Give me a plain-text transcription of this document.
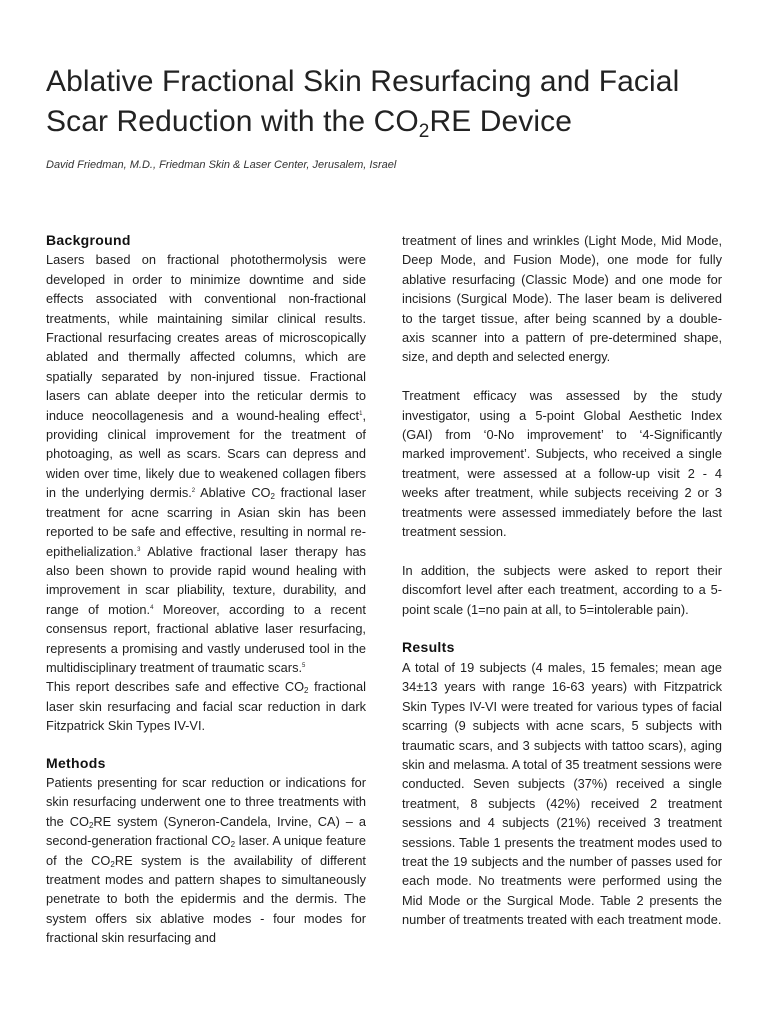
Ablative Fractional Skin Resurfacing and Facial Scar Reduction with the $CO_2RE$ Device

David Friedman, M.D., Friedman Skin & Laser Center, Jerusalem, Israel

Background

Lasers based on fractional photothermolysis were developed in order to minimize downtime and side effects associated with conventional non-fractional treatments, while maintaining similar clinical results. Fractional resurfacing creates areas of microscopically ablated and thermally affected columns, which are spatially separated by non-injured tissue. Fractional lasers can ablate deeper into the reticular dermis to induce neocollagenesis and a wound-healing effect$^1$, providing clinical improvement for the treatment of photoaging, as well as scars. Scars can depress and widen over time, likely due to weakened collagen fibers in the underlying dermis.$^2$ Ablative $CO_2$ fractional laser treatment for acne scarring in Asian skin has been reported to be safe and effective, resulting in normal re-epithelialization.$^3$ Ablative fractional laser therapy has also been shown to provide rapid wound healing with improvement in scar pliability, texture, durability, and range of motion.$^4$ Moreover, according to a recent consensus report, fractional ablative laser resurfacing, represents a promising and vastly underused tool in the multidisciplinary treatment of traumatic scars.$^5$

This report describes safe and effective $CO_2$ fractional laser skin resurfacing and facial scar reduction in dark Fitzpatrick Skin Types IV-VI.

Methods

Patients presenting for scar reduction or indications for skin resurfacing underwent one to three treatments with the $CO_2RE$ system (Syneron-Candela, Irvine, CA) – a second-generation fractional $CO_2$ laser. A unique feature of the $CO_2RE$ system is the availability of different treatment modes and pattern shapes to simultaneously penetrate to both the epidermis and the dermis. The system offers six ablative modes - four modes for fractional skin resurfacing and

treatment of lines and wrinkles (Light Mode, Mid Mode, Deep Mode, and Fusion Mode), one mode for fully ablative resurfacing (Classic Mode) and one mode for incisions (Surgical Mode). The laser beam is delivered to the target tissue, after being scanned by a double-axis scanner into a pattern of pre-determined shape, size, and depth and selected energy.

Treatment efficacy was assessed by the study investigator, using a 5-point Global Aesthetic Index (GAI) from ‘0-No improvement’ to ‘4-Significantly marked improvement’. Subjects, who received a single treatment, were assessed at a follow-up visit 2 - 4 weeks after treatment, while subjects receiving 2 or 3 treatments were assessed immediately before the last treatment session.

In addition, the subjects were asked to report their discomfort level after each treatment, according to a 5-point scale (1=no pain at all, to 5=intolerable pain).

Results

A total of 19 subjects (4 males, 15 females; mean age 34±13 years with range 16-63 years) with Fitzpatrick Skin Types IV-VI were treated for various types of facial scarring (9 subjects with acne scars, 5 subjects with traumatic scars, and 3 subjects with tattoo scars), aging skin and melasma. A total of 35 treatment sessions were conducted. Seven subjects (37%) received a single treatment, 8 subjects (42%) received 2 treatment sessions and 4 subjects (21%) received 3 treatment sessions. Table 1 presents the treatment modes used to treat the 19 subjects and the number of passes used for each mode. No treatments were performed using the Mid Mode or the Surgical Mode. Table 2 presents the number of treatments treated with each treatment mode.
